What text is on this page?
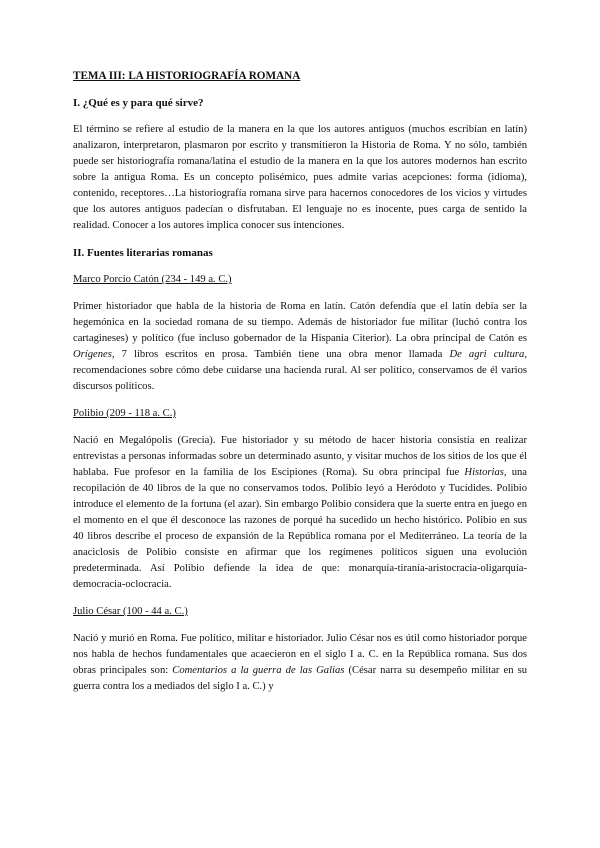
TEMA III: LA HISTORIOGRAFÍA ROMANA
I. ¿Qué es y para qué sirve?

El término se refiere al estudio de la manera en la que los autores antiguos (muchos escribían en latín) analizaron, interpretaron, plasmaron por escrito y transmitieron la Historia de Roma. Y no sólo, también puede ser historiografía romana/latina el estudio de la manera en la que los autores modernos han escrito sobre la antigua Roma. Es un concepto polisémico, pues admite varias acepciones: forma (idioma), contenido, receptores…La historiografía romana sirve para hacernos conocedores de los vicios y virtudes que los autores antiguos padecían o disfrutaban. El lenguaje no es inocente, pues carga de sentido la realidad. Conocer a los autores implica conocer sus intenciones.

II. Fuentes literarias romanas
Marco Porcio Catón (234 - 149 a. C.)

Primer historiador que habla de la historia de Roma en latín. Catón defendía que el latín debía ser la hegemónica en la sociedad romana de su tiempo. Además de historiador fue militar (luchó contra los cartagineses) y político (fue incluso gobernador de la Hispania Citerior). La obra principal de Catón es Orígenes, 7 libros escritos en prosa. También tiene una obra menor llamada De agri cultura, recomendaciones sobre cómo debe cuidarse una hacienda rural. Al ser político, conservamos de él varios discursos políticos.

Polibio (209 - 118 a. C.)

Nació en Megalópolis (Grecia). Fue historiador y su método de hacer historia consistía en realizar entrevistas a personas informadas sobre un determinado asunto, y visitar muchos de los sitios de los que él hablaba. Fue profesor en la familia de los Escipiones (Roma). Su obra principal fue Historias, una recopilación de 40 libros de la que no conservamos todos. Polibio leyó a Heródoto y Tucídides. Polibio introduce el elemento de la fortuna (el azar). Sin embargo Polibio considera que la suerte entra en juego en el momento en el que él desconoce las razones de porqué ha sucedido un hecho histórico. Polibio en sus 40 libros describe el proceso de expansión de la República romana por el Mediterráneo. La teoría de la anaciclosis de Polibio consiste en afirmar que los regímenes políticos siguen una evolución predeterminada. Así Polibio defiende la idea de que: monarquía-tiranía-aristocracia-oligarquía-democracia-oclocracia.

Julio César (100 - 44 a. C.)

Nació y murió en Roma. Fue político, militar e historiador. Julio César nos es útil como historiador porque nos habla de hechos fundamentales que acaecieron en el siglo I a. C. en la República romana. Sus dos obras principales son: Comentarios a la guerra de las Galias (César narra su desempeño militar en su guerra contra los a mediados del siglo I a. C.) y
